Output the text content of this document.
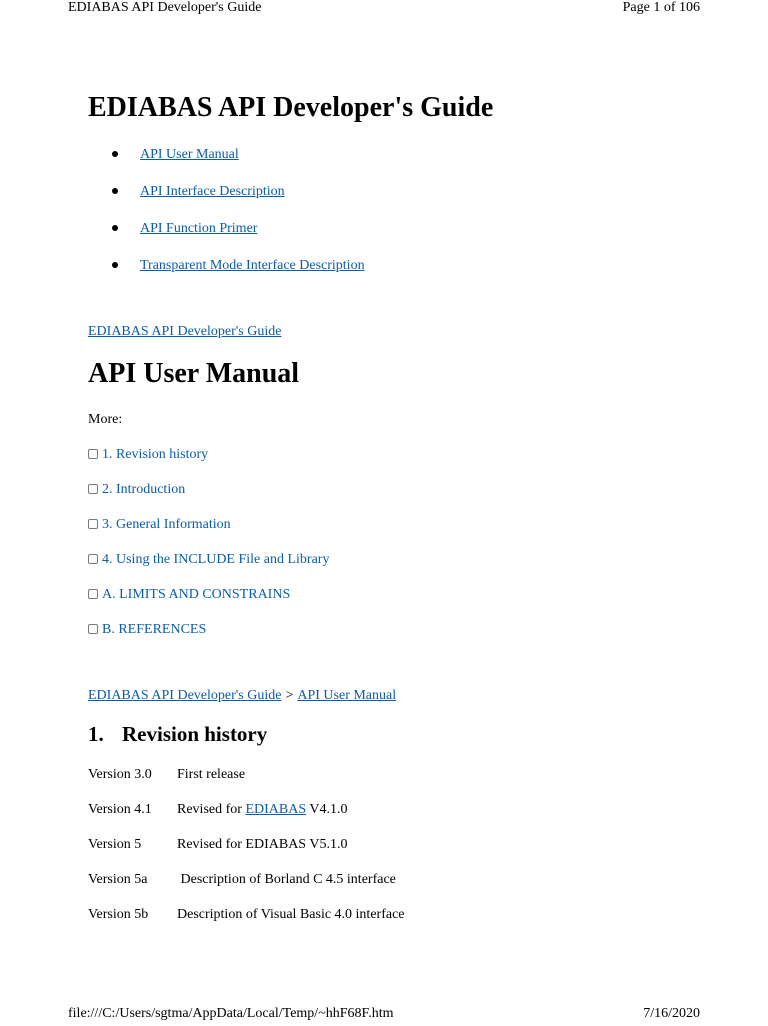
EDIABAS API Developer's Guide	Page 1 of 106
EDIABAS API Developer's Guide
API User Manual
API Interface Description
API Function Primer
Transparent Mode Interface Description
EDIABAS API Developer's Guide
API User Manual
More:
1. Revision history
2. Introduction
3. General Information
4. Using the INCLUDE File and Library
A. LIMITS AND CONSTRAINS
B. REFERENCES
EDIABAS API Developer's Guide > API User Manual
1. Revision history
Version 3.0	First release
Version 4.1	Revised for EDIABAS V4.1.0
Version 5	Revised for EDIABAS V5.1.0
Version 5a	Description of Borland C 4.5 interface
Version 5b	Description of Visual Basic 4.0 interface
file:///C:/Users/sgtma/AppData/Local/Temp/~hhF68F.htm	7/16/2020
